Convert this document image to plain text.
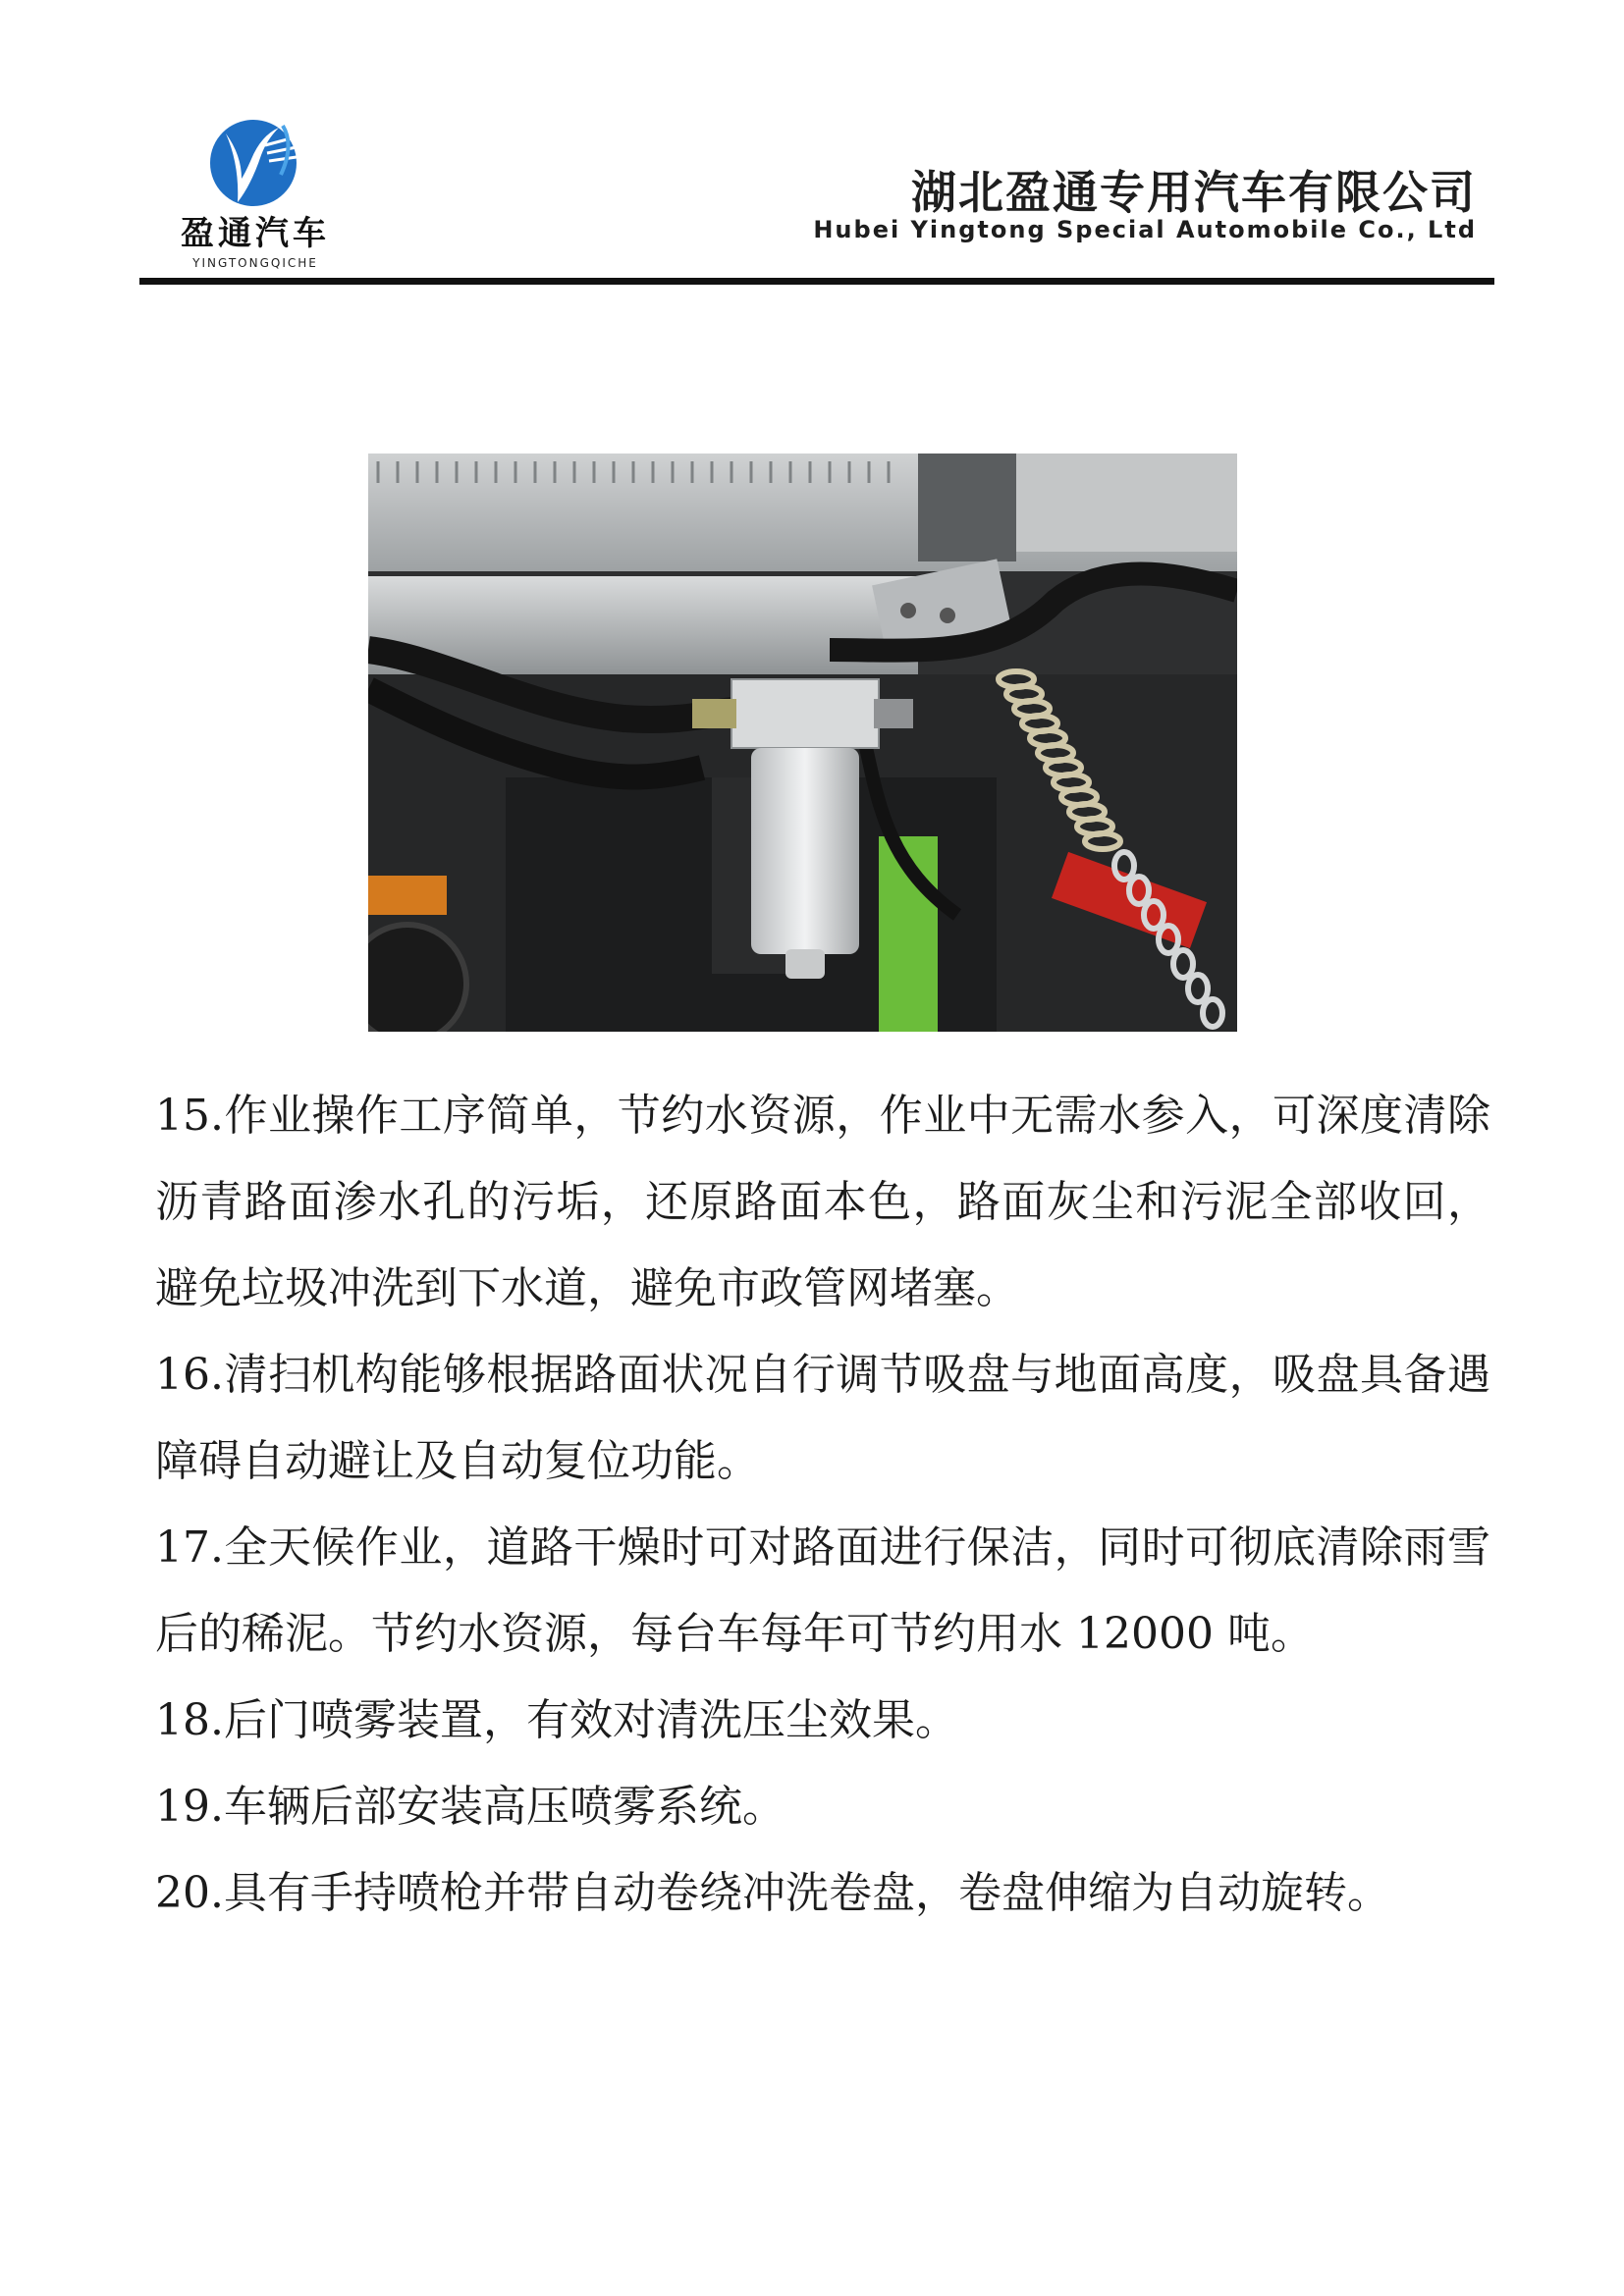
盈通汽车
YINGTONGQICHE
湖北盈通专用汽车有限公司
Hubei Yingtong Special Automobile Co., Ltd

15.作业操作工序简单，节约水资源，作业中无需水参入，可深度清除沥青路面渗水孔的污垢，还原路面本色，路面灰尘和污泥全部收回，避免垃圾冲洗到下水道，避免市政管网堵塞。

16.清扫机构能够根据路面状况自行调节吸盘与地面高度，吸盘具备遇障碍自动避让及自动复位功能。

17.全天候作业，道路干燥时可对路面进行保洁，同时可彻底清除雨雪后的稀泥。节约水资源，每台车每年可节约用水 12000 吨。

18.后门喷雾装置，有效对清洗压尘效果。

19.车辆后部安装高压喷雾系统。

20.具有手持喷枪并带自动卷绕冲洗卷盘，卷盘伸缩为自动旋转。
